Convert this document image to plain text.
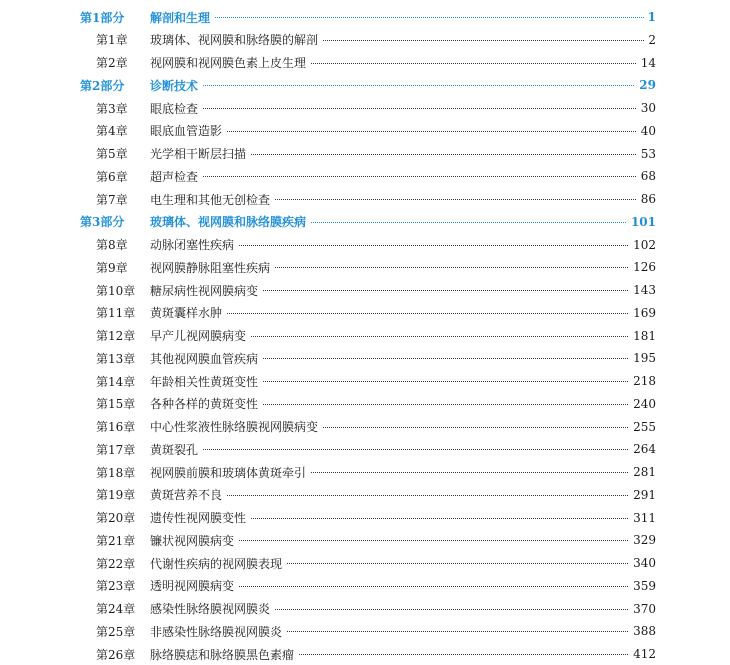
第1部分 解剖和生理	1
第1章 玻璃体、视网膜和脉络膜的解剖	2
第2章 视网膜和视网膜色素上皮生理	14
第2部分 诊断技术	29
第3章 眼底检查	30
第4章 眼底血管造影	40
第5章 光学相干断层扫描	53
第6章 超声检查	68
第7章 电生理和其他无创检查	86
第3部分 玻璃体、视网膜和脉络膜疾病	101
第8章 动脉闭塞性疾病	102
第9章 视网膜静脉阻塞性疾病	126
第10章 糖尿病性视网膜病变	143
第11章 黄斑囊样水肿	169
第12章 早产儿视网膜病变	181
第13章 其他视网膜血管疾病	195
第14章 年龄相关性黄斑变性	218
第15章 各种各样的黄斑变性	240
第16章 中心性浆液性脉络膜视网膜病变	255
第17章 黄斑裂孔	264
第18章 视网膜前膜和玻璃体黄斑牵引	281
第19章 黄斑营养不良	291
第20章 遗传性视网膜变性	311
第21章 镰状视网膜病变	329
第22章 代谢性疾病的视网膜表现	340
第23章 透明视网膜病变	359
第24章 感染性脉络膜视网膜炎	370
第25章 非感染性脉络膜视网膜炎	388
第26章 脉络膜痣和脉络膜黑色素瘤	412
